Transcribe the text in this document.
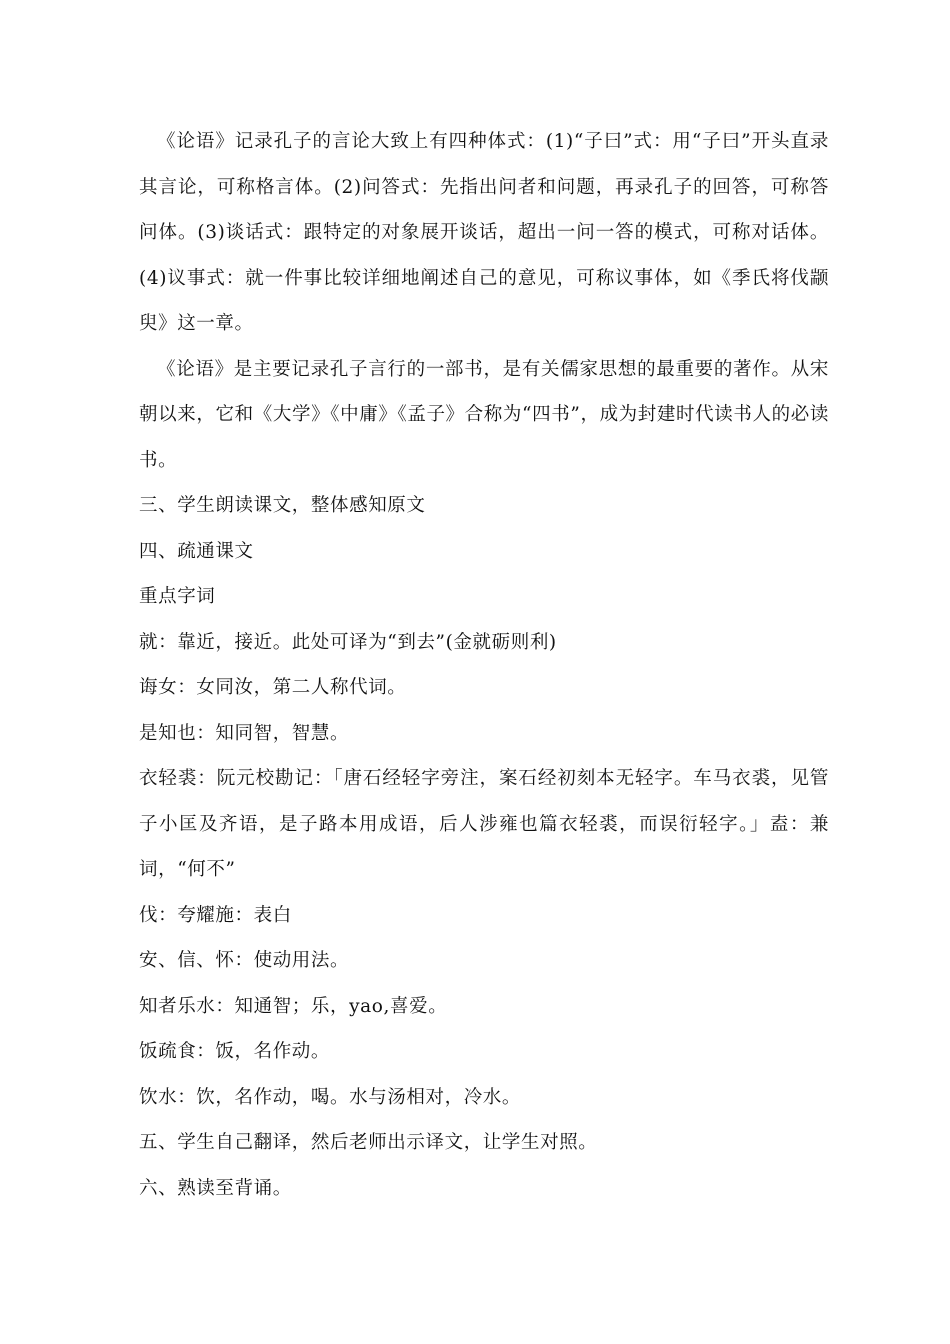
《论语》记录孔子的言论大致上有四种体式：(1)“子曰”式：用“子曰”开头直录其言论，可称格言体。(2)问答式：先指出问者和问题，再录孔子的回答，可称答问体。(3)谈话式：跟特定的对象展开谈话，超出一问一答的模式，可称对话体。(4)议事式：就一件事比较详细地阐述自己的意见，可称议事体，如《季氏将伐颛臾》这一章。

《论语》是主要记录孔子言行的一部书，是有关儒家思想的最重要的著作。从宋朝以来，它和《大学》《中庸》《孟子》合称为“四书”，成为封建时代读书人的必读书。

三、学生朗读课文，整体感知原文

四、疏通课文

重点字词

就：靠近，接近。此处可译为“到去”(金就砺则利)

诲女：女同汝，第二人称代词。

是知也：知同智，智慧。

衣轻裘：阮元校勘记：「唐石经轻字旁注，案石经初刻本无轻字。车马衣裘，见管子小匡及齐语，是子路本用成语，后人涉雍也篇衣轻裘，而误衍轻字。」盍：兼词，“何不”

伐：夸耀施：表白

安、信、怀：使动用法。

知者乐水：知通智；乐，yao,喜爱。

饭疏食：饭，名作动。

饮水：饮，名作动，喝。水与汤相对，冷水。

五、学生自己翻译，然后老师出示译文，让学生对照。

六、熟读至背诵。
